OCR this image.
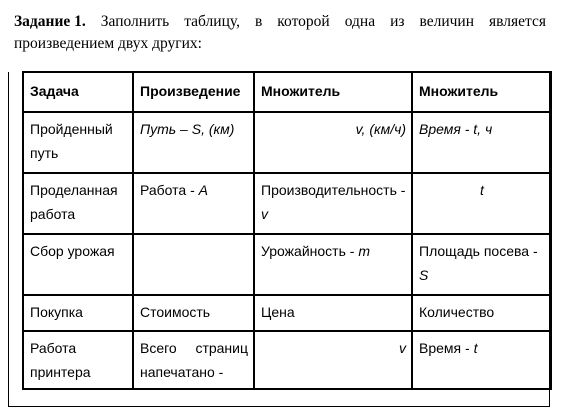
Задание 1. Заполнить таблицу, в которой одна из величин является
произведением двух других:
Задача	Произведение	Множитель	Множитель
Пройденный путь	Путь – S, (км)	v, (км/ч)	Время - t, ч
Проделанная работа	Работа - А	Производительность - v	t
Сбор урожая		Урожайность - m	Площадь посева - S
Покупка	Стоимость	Цена	Количество
Работа принтера	Всего страниц напечатано -	v	Время - t
